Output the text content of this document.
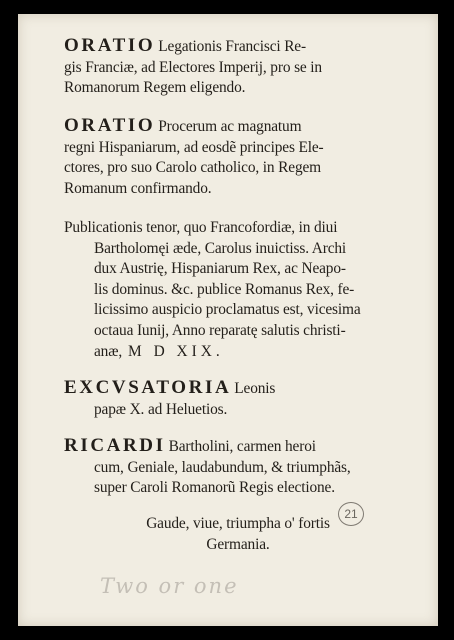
ORATIO Legationis Francisci Re-
gis Franciæ, ad Electores Imperij, pro se in
Romanorum Regem eligendo.
ORATIO Procerum ac magnatum
regni Hispaniarum, ad eosdẽ principes Ele-
ctores, pro suo Carolo catholico, in Regem
Romanum confirmando.
Publicationis tenor, quo Francofordiæ, in diui
Bartholomęi æde, Carolus inuictiss. Archi
dux Austrię, Hispaniarum Rex, ac Neapo-
lis dominus. &c. publice Romanus Rex, fe-
licissimo auspicio proclamatus est, vicesima
octaua Iunij, Anno reparatę salutis christi-
anæ, M D XIX.
EXCVSATORIA Leonis
papæ X. ad Heluetios.
RICARDI Bartholini, carmen heroi
cum, Geniale, laudabundum, & triumphãs,
super Caroli Romanorũ Regis electione.
Gaude, viue, triumpha o' fortis
Germania.
21
Two or one
